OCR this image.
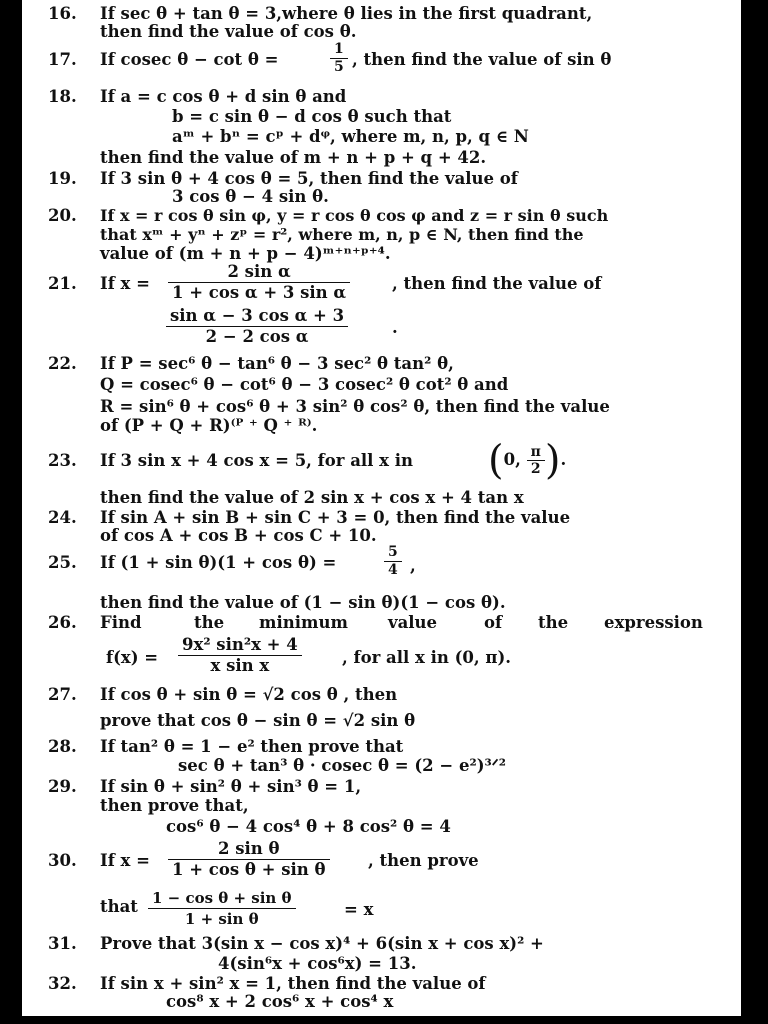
16. If sec θ + tan θ = 3,where θ lies in the first quadrant,
then find the value of cos θ.
17. If cosec θ − cot θ =	$\frac{1}{5}$ , then find the value of sin θ
18. If a = c cos θ + d sin θ and
b = c sin θ − d cos θ such that
aᵐ + bⁿ = cᵖ + dᵠ, where m, n, p, q ∈ N
then find the value of m + n + p + q + 42.
19. If 3 sin θ + 4 cos θ = 5, then find the value of
3 cos θ − 4 sin θ.
20. If x = r cos θ sin φ, y = r cos θ cos φ and z = r sin θ such
that xᵐ + yⁿ + zᵖ = r², where m, n, p ∈ N, then find the
value of (m + n + p − 4)ᵐ⁺ⁿ⁺ᵖ⁺⁴.
21. If $x = \frac{\text{2 sin α}}{\text{1 + cos α + 3 sin α}}$	, then find the value of
$\frac{\text{sin α − 3 cos α + 3}}{\text{2 − 2 cos α}}$	.
22. If P = sec⁶ θ − tan⁶ θ − 3 sec² θ tan² θ,
Q = cosec⁶ θ − cot⁶ θ − 3 cosec² θ cot² θ and
R = sin⁶ θ + cos⁶ θ + 3 sin² θ cos² θ, then find the value
of (P + Q + R)⁽ᴾ ⁺ Q ⁺ ᴿ⁾.
23. If 3 sin x + 4 cos x = 5, for all x in (0, $\frac{\pi}{2}$ ).
then find the value of 2 sin x + cos x + 4 tan x
24. If sin A + sin B + sin C + 3 = 0, then find the value
of cos A + cos B + cos C + 10.
25. If (1 + sin θ)(1 + cos θ) =	$\frac{5}{4}$ ,
then find the value of (1 − sin θ)(1 − cos θ).
26. Find	the minimum value	of the expression
$f(x) = \frac{\text{9x² sin²x + 4}}{\text{x sin x}}$ , for all x in (0, π).
27. If cos θ + sin θ = √2 cos θ , then
prove that cos θ − sin θ = √2 sin θ
28. If tan² θ = 1 − e² then prove that
sec θ + tan³ θ · cosec θ = (2 − e²)³ᐟ²
29. If sin θ + sin² θ + sin³ θ = 1,
then prove that,
cos⁶ θ − 4 cos⁴ θ + 8 cos² θ = 4
30. If $x = \frac{\text{2 sin θ}}{\text{1 + cos θ + sin θ}}$ , then prove
that $\frac{\text{1 − cos θ + sin θ}}{\text{1 + sin θ}}$	= x
31. Prove that 3(sin x − cos x)⁴ + 6(sin x + cos x)² +
4(sin⁶x + cos⁶x) = 13.
32. If sin x + sin² x = 1, then find the value of
cos⁸ x + 2 cos⁶ x + cos⁴ x
